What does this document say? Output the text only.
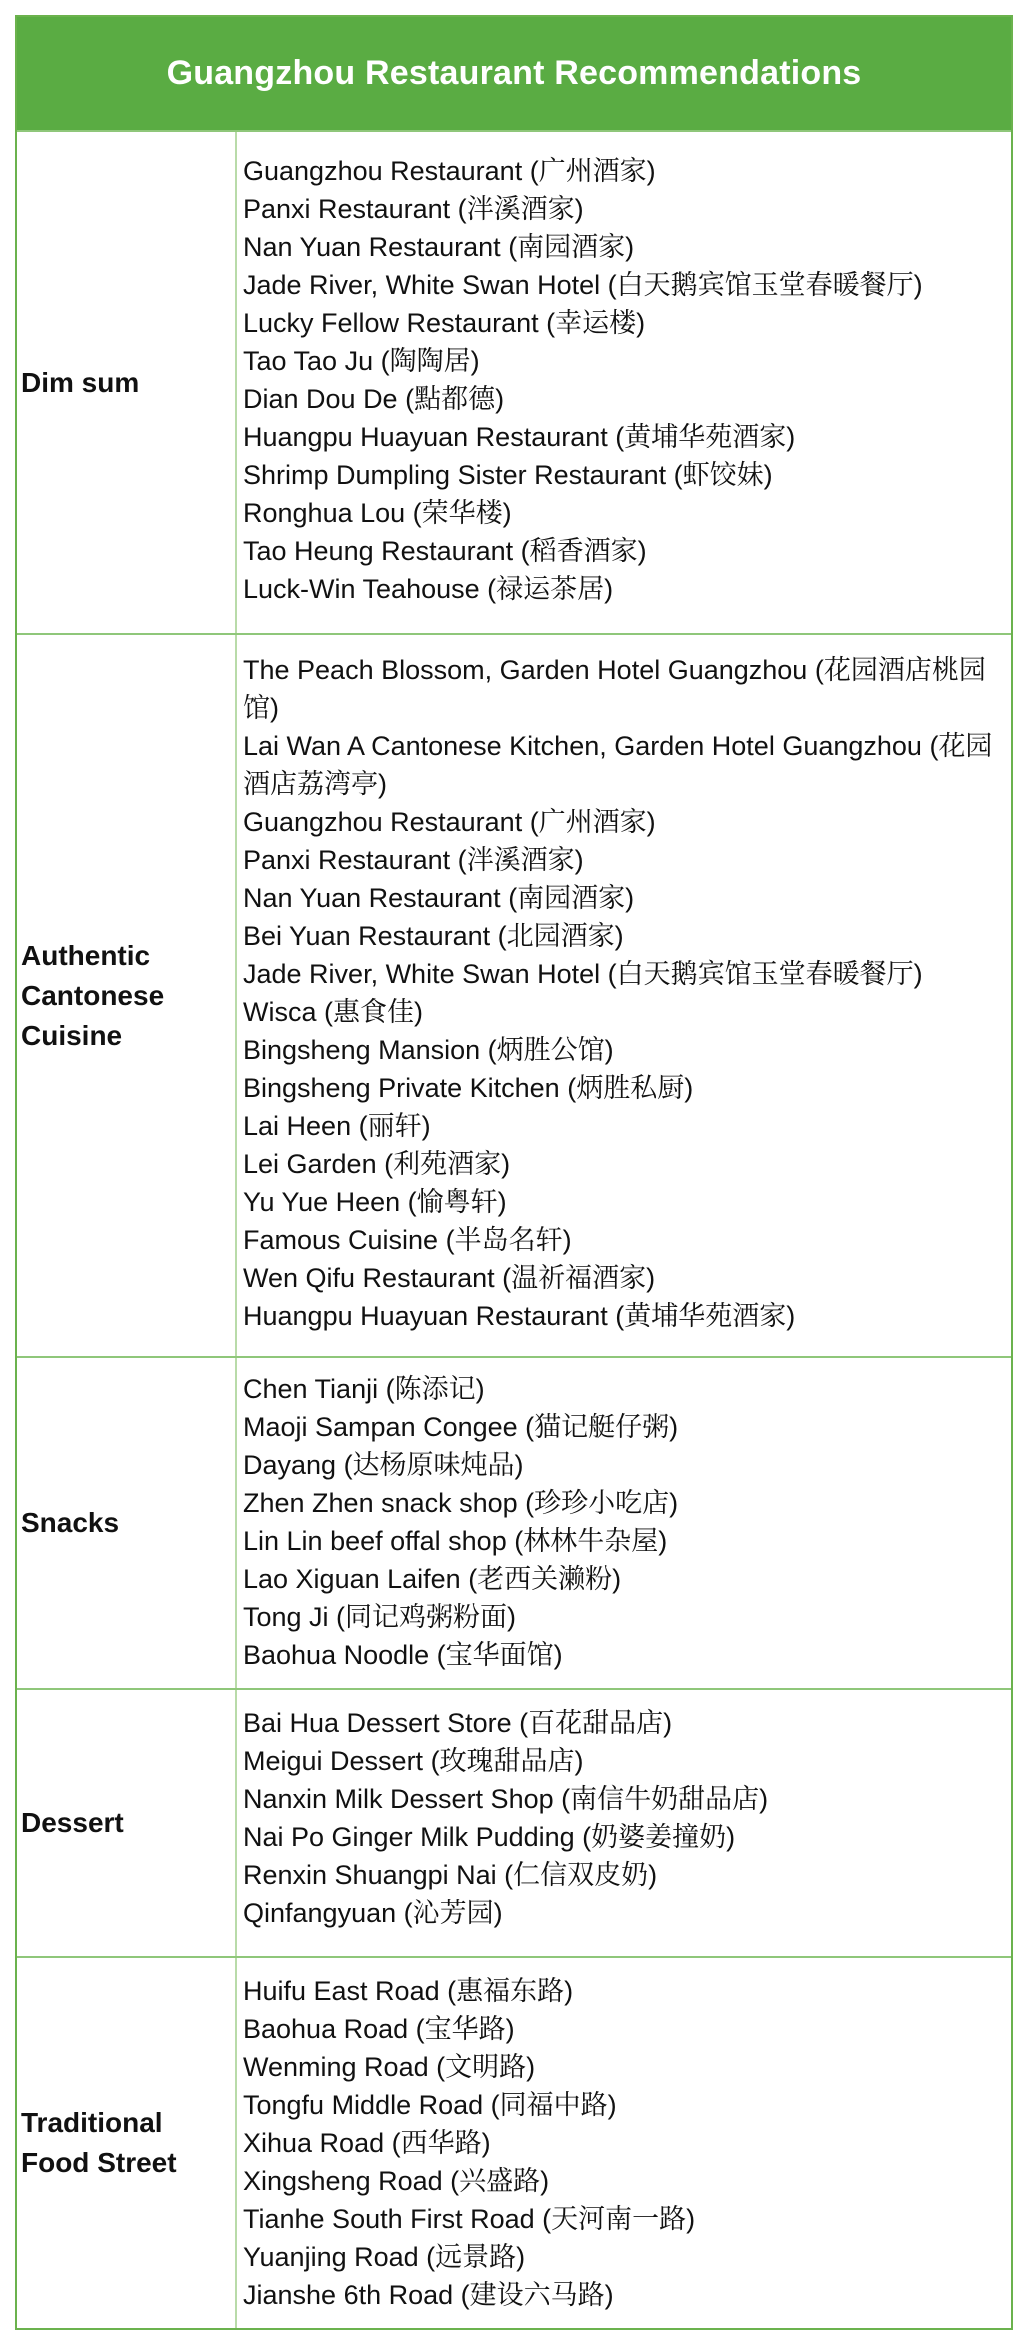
Guangzhou Restaurant Recommendations
Dim sum
Guangzhou Restaurant (广州酒家)
Panxi Restaurant (泮溪酒家)
Nan Yuan Restaurant (南园酒家)
Jade River, White Swan Hotel (白天鹅宾馆玉堂春暖餐厅)
Lucky Fellow Restaurant (幸运楼)
Tao Tao Ju (陶陶居)
Dian Dou De (點都德)
Huangpu Huayuan Restaurant (黄埔华苑酒家)
Shrimp Dumpling Sister Restaurant (虾饺妹)
Ronghua Lou (荣华楼)
Tao Heung Restaurant (稻香酒家)
Luck-Win Teahouse (禄运茶居)
Authentic Cantonese Cuisine
The Peach Blossom, Garden Hotel Guangzhou (花园酒店桃园馆)
Lai Wan A Cantonese Kitchen, Garden Hotel Guangzhou (花园酒店荔湾亭)
Guangzhou Restaurant (广州酒家)
Panxi Restaurant (泮溪酒家)
Nan Yuan Restaurant (南园酒家)
Bei Yuan Restaurant (北园酒家)
Jade River, White Swan Hotel (白天鹅宾馆玉堂春暖餐厅)
Wisca (惠食佳)
Bingsheng Mansion (炳胜公馆)
Bingsheng Private Kitchen (炳胜私厨)
Lai Heen (丽轩)
Lei Garden (利苑酒家)
Yu Yue Heen (愉粤轩)
Famous Cuisine (半岛名轩)
Wen Qifu Restaurant (温祈福酒家)
Huangpu Huayuan Restaurant (黄埔华苑酒家)
Snacks
Chen Tianji (陈添记)
Maoji Sampan Congee (猫记艇仔粥)
Dayang (达杨原味炖品)
Zhen Zhen snack shop (珍珍小吃店)
Lin Lin beef offal shop (林林牛杂屋)
Lao Xiguan Laifen (老西关濑粉)
Tong Ji (同记鸡粥粉面)
Baohua Noodle (宝华面馆)
Dessert
Bai Hua Dessert Store (百花甜品店)
Meigui Dessert (玫瑰甜品店)
Nanxin Milk Dessert Shop (南信牛奶甜品店)
Nai Po Ginger Milk Pudding (奶婆姜撞奶)
Renxin Shuangpi Nai (仁信双皮奶)
Qinfangyuan (沁芳园)
Traditional Food Street
Huifu East Road (惠福东路)
Baohua Road (宝华路)
Wenming Road (文明路)
Tongfu Middle Road (同福中路)
Xihua Road (西华路)
Xingsheng Road (兴盛路)
Tianhe South First Road (天河南一路)
Yuanjing Road (远景路)
Jianshe 6th Road (建设六马路)
